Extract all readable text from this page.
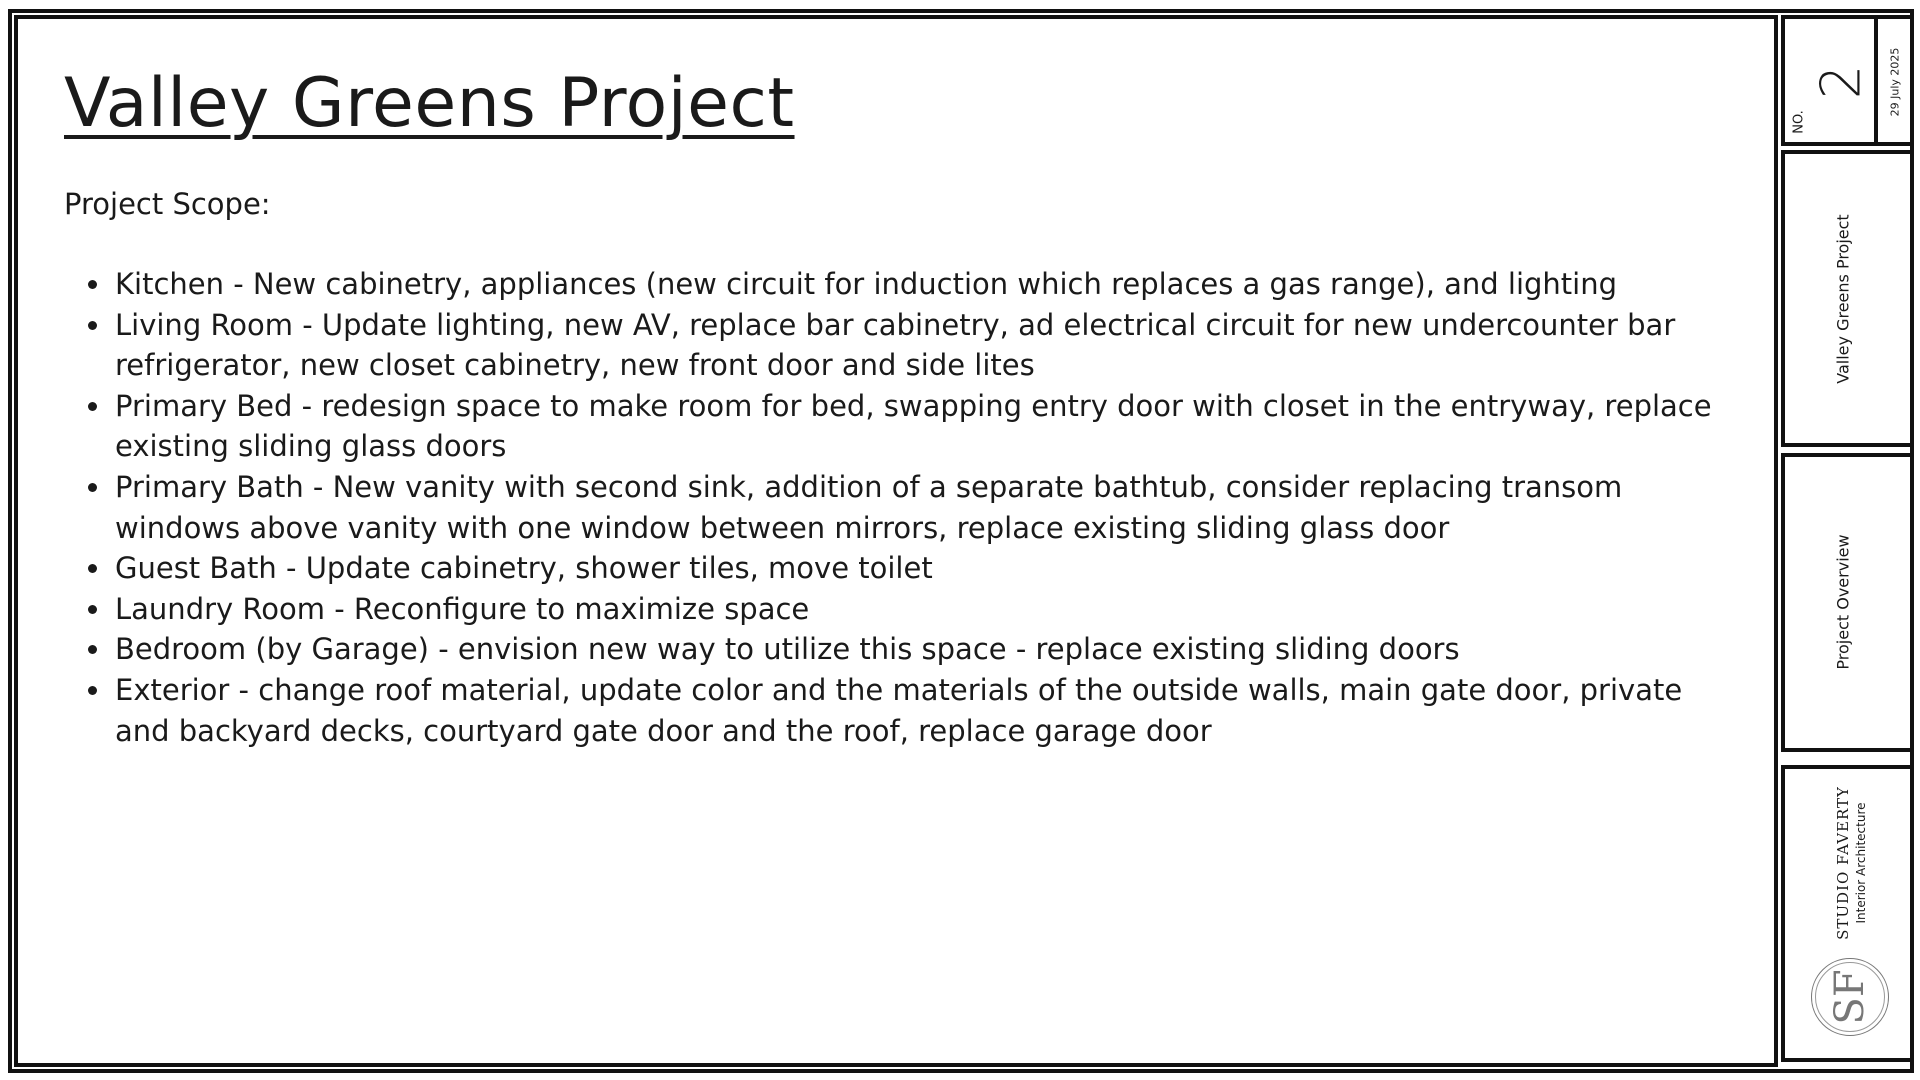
Valley Greens Project
Project Scope:
Kitchen - New cabinetry, appliances (new circuit for induction which replaces a gas range), and lighting
Living Room - Update lighting, new AV, replace bar cabinetry, ad electrical circuit for new undercounter bar refrigerator, new closet cabinetry, new front door and side lites
Primary Bed - redesign space to make room for bed, swapping entry door with closet in the entryway, replace existing sliding glass doors
Primary Bath - New vanity with second sink, addition of a separate bathtub, consider replacing transom windows above vanity with one window between mirrors, replace existing sliding glass door
Guest Bath - Update cabinetry, shower tiles, move toilet
Laundry Room - Reconfigure to maximize space
Bedroom (by Garage) - envision new way to utilize this space - replace existing sliding doors
Exterior - change roof material, update color and the materials of the outside walls, main gate door, private and backyard decks, courtyard gate door and the roof, replace garage door
NO.
2 29 July 2025
Valley Greens Project
Project Overview
STUDIO FAVERTY Interior Architecture
SF
